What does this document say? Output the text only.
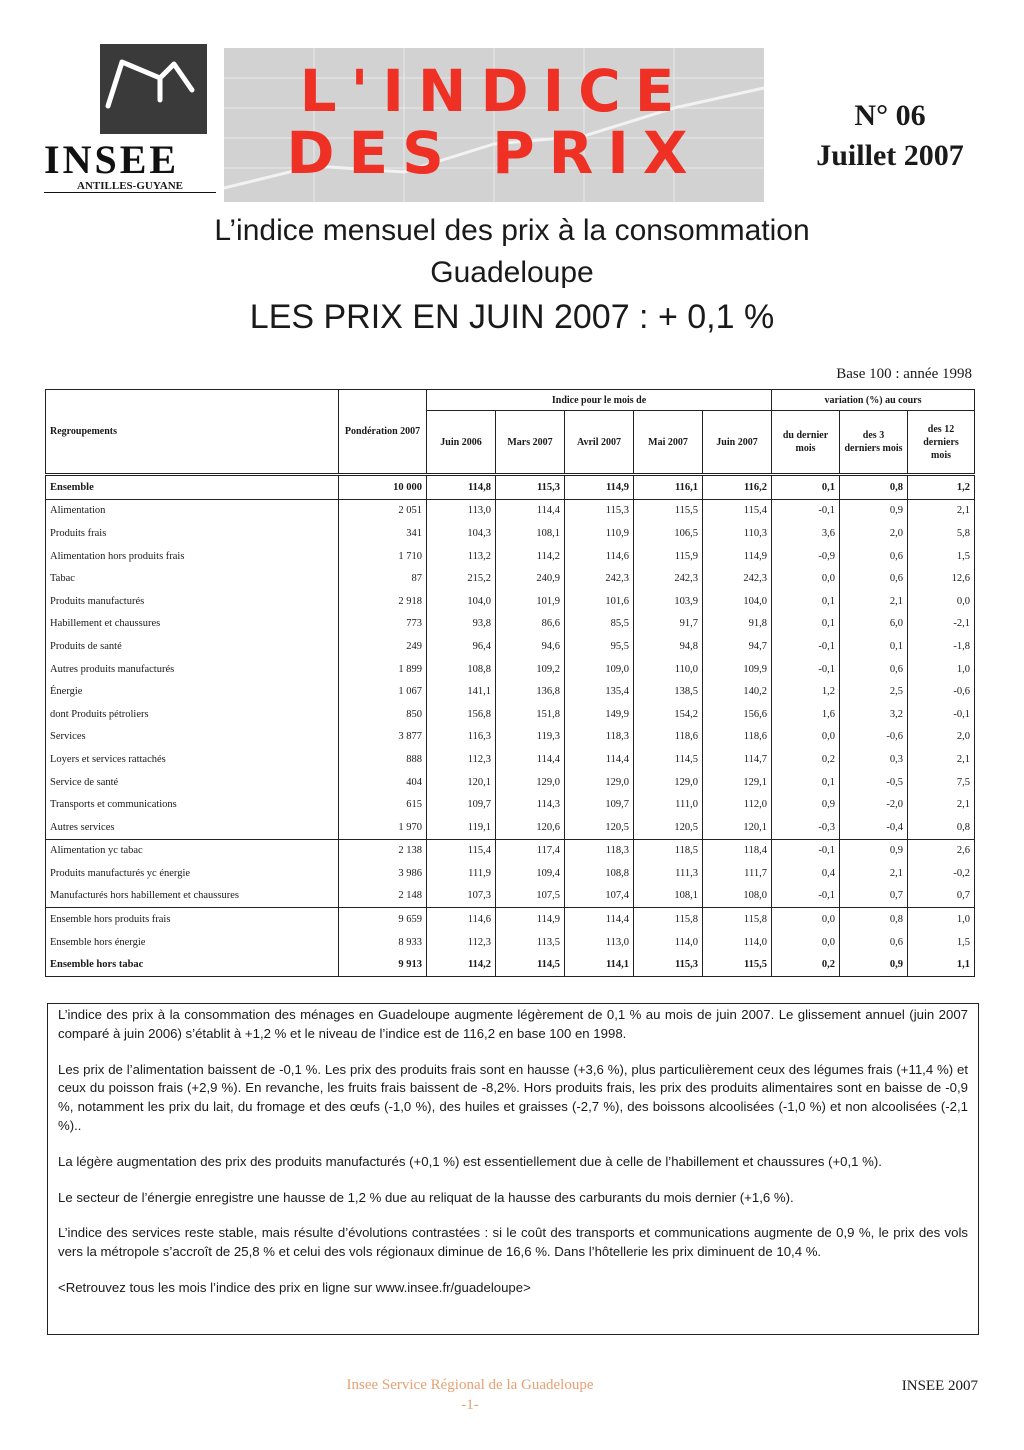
INSEE
ANTILLES-GUYANE
L'INDICE
DES PRIX
N° 06
Juillet 2007
L’indice mensuel des prix à la consommation
Guadeloupe
LES PRIX EN JUIN 2007 : + 0,1 %
Base 100 : année 1998
Regroupements	Pondération 2007	Indice pour le mois de					variation (%) au cours		
		Juin 2006	Mars 2007	Avril 2007	Mai 2007	Juin 2007	du dernier mois	des 3 derniers mois	des 12 derniers mois
Ensemble	10 000	114,8	115,3	114,9	116,1	116,2	0,1	0,8	1,2
Alimentation	2 051	113,0	114,4	115,3	115,5	115,4	-0,1	0,9	2,1
Produits frais	341	104,3	108,1	110,9	106,5	110,3	3,6	2,0	5,8
Alimentation hors produits frais	1 710	113,2	114,2	114,6	115,9	114,9	-0,9	0,6	1,5
Tabac	87	215,2	240,9	242,3	242,3	242,3	0,0	0,6	12,6
Produits manufacturés	2 918	104,0	101,9	101,6	103,9	104,0	0,1	2,1	0,0
Habillement et chaussures	773	93,8	86,6	85,5	91,7	91,8	0,1	6,0	-2,1
Produits de santé	249	96,4	94,6	95,5	94,8	94,7	-0,1	0,1	-1,8
Autres produits manufacturés	1 899	108,8	109,2	109,0	110,0	109,9	-0,1	0,6	1,0
Énergie	1 067	141,1	136,8	135,4	138,5	140,2	1,2	2,5	-0,6
dont Produits pétroliers	850	156,8	151,8	149,9	154,2	156,6	1,6	3,2	-0,1
Services	3 877	116,3	119,3	118,3	118,6	118,6	0,0	-0,6	2,0
Loyers et services rattachés	888	112,3	114,4	114,4	114,5	114,7	0,2	0,3	2,1
Service de santé	404	120,1	129,0	129,0	129,0	129,1	0,1	-0,5	7,5
Transports et communications	615	109,7	114,3	109,7	111,0	112,0	0,9	-2,0	2,1
Autres services	1 970	119,1	120,6	120,5	120,5	120,1	-0,3	-0,4	0,8
Alimentation yc tabac	2 138	115,4	117,4	118,3	118,5	118,4	-0,1	0,9	2,6
Produits manufacturés yc énergie	3 986	111,9	109,4	108,8	111,3	111,7	0,4	2,1	-0,2
Manufacturés hors habillement et chaussures	2 148	107,3	107,5	107,4	108,1	108,0	-0,1	0,7	0,7
Ensemble hors produits frais	9 659	114,6	114,9	114,4	115,8	115,8	0,0	0,8	1,0
Ensemble hors énergie	8 933	112,3	113,5	113,0	114,0	114,0	0,0	0,6	1,5
Ensemble hors tabac	9 913	114,2	114,5	114,1	115,3	115,5	0,2	0,9	1,1

L’indice des prix à la consommation des ménages en Guadeloupe augmente légèrement de 0,1 % au mois de juin 2007. Le glissement annuel (juin 2007 comparé à juin 2006) s’établit à +1,2 % et le niveau de l’indice est de 116,2 en base 100 en 1998.

Les prix de l’alimentation baissent de -0,1 %. Les prix des produits frais sont en hausse (+3,6 %), plus particulièrement ceux des légumes frais (+11,4 %) et ceux du poisson frais (+2,9 %). En revanche, les fruits frais baissent de -8,2%. Hors produits frais, les prix des produits alimentaires sont en baisse de -0,9 %, notamment les prix du lait, du fromage et des œufs (-1,0 %), des huiles et graisses (-2,7 %), des boissons alcoolisées (-1,0 %) et non alcoolisées (-2,1 %)..

La légère augmentation des prix des produits manufacturés (+0,1 %) est essentiellement due à celle de l’habillement et chaussures (+0,1 %).

Le secteur de l’énergie enregistre une hausse de 1,2 % due au reliquat de la hausse des carburants du mois dernier (+1,6 %).

L’indice des services reste stable, mais résulte d’évolutions contrastées : si le coût des transports et communications augmente de 0,9 %, le prix des vols vers la métropole s’accroît de 25,8 % et celui des vols régionaux diminue de 16,6 %. Dans l’hôtellerie les prix diminuent de 10,4 %.

<Retrouvez tous les mois l’indice des prix en ligne sur www.insee.fr/guadeloupe>

Insee Service Régional de la Guadeloupe
-1-
INSEE 2007
